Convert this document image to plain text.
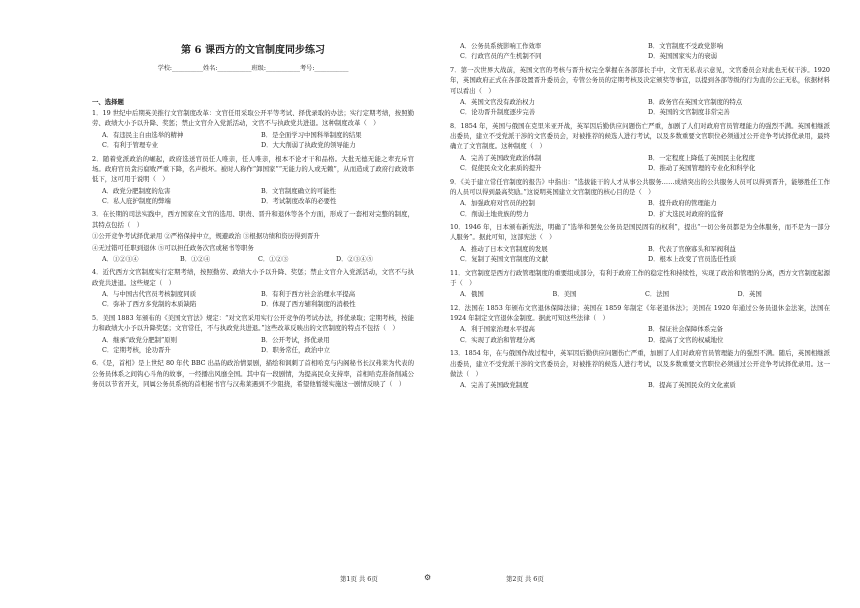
第 6 课西方的文官制度同步练习
学校:__________姓名:___________班级:___________考号:___________
一、选择题

1．19 世纪中后期英美推行文官制度改革：文官任用采取公开平等考试、择优录取的办法；实行定期考绩，按照勤劳、政绩大小予以升降、奖惩；禁止文官介入党派活动，文官不与执政党共进退。这种制度改革（　）

A．有违民主自由选举的精神	B．是全面学习中国科举制度的结果
C．有利于管理专业	D．大大削弱了执政党的领导能力

2．随着党派政治的崛起，政府选送官员任人唯亲，任人唯亲，根本不论才干和品格。大批无德无能之辈充斥官场。政府官员贪污腐败严重下降，名声极坏。被时人称作“卸国家”“无能力的人或无赖”，从而造成了政府行政效率低下，这可用于说明（　）

A．政党分肥制度的危害	B．文官制度确立的可能性
C．私人庇护制度的弊端	D．考试制度改革的必要性

3．在长期的司法实践中，西方国家在文官的选用、职责、晋升和退休等各个方面，形成了一套相对完整的制度，其特点包括（　）

①公开竞争考试择优录用 ②严格保持中立，规避政治 ③根据功绩和资历得到晋升
④无过错可任职到退休 ⑤可以担任政务次官或秘书等职务
A．①②③④	B．①②④	C．①②③	D．②③④⑤

4．近代西方文官制度实行定期考绩，按照勤劳、政绩大小予以升降、奖惩；禁止文官介入党派活动，文官不与执政党共进退。这些规定（　）

A．与中国古代官员考核制度同质	B．有利于西方社会治理水平提高
C．弥补了西方多党制的本质缺陷	D．体现了西方辅利制度的消极性

5．美国 1883 年颁布的《美国文官法》规定：“对文官采用实行公开竞争的考试办法，择优录取；定期考核，按能力和政绩大小予以升降奖惩；文官常任，不与执政党共进退。”这些改革反映出的文官制度的特点不包括（　）

A．继承“政党分肥制”原则	B．公开考试，择优录用
C．定期考核，论功晋升	D．职务常任，政治中立

6．《是，首相》是上世纪 80 年代 BBC 出品的政治情景剧，描绘和讽刺了首相哈克与内阁秘书长汉弗莱为代表的公务员体系之间钩心斗角的故事，一经播出风靡全国。其中有一段剧情，为提高民众支持率，首相哈克准备削减公务员以节省开支，同属公务员系统的首相秘书官与汉弗莱遇到不少阻挠，希望他暂缓实施这一剧情反映了（　）

第1页 共 6页	⚙	第2页 共 6页
A．公务员系统影响工作效率	B．文官制度不受政党影响
C．行政官员的产生机制不同	D．英国国家实力的衰弱

7．第一次世界大战前，英国文官的考核与晋升权完全掌握在各部部长手中，文官无私表示意见，文官委员会对此也无权干涉。1920 年，英国政府正式在各部设置晋升委员会，专管公务员的定期考核及决定颁奖等事宜，以提到各部等级的行为直的公正无私，依据材料可以看出（　）

A．英国文官没有政治权力	B．政务官在英国文官制度的特点
C．论功晋升制度逐步完善	D．英国的文官制度非常完善

8．1854 年，英国与俄国在克里米亚开战，英军因后勤供应问题伤亡严重，加剧了人们对政府官员管理能力的强烈不满。英国相继派出委员，建立不受党派干涉的文官委员会，对被推荐的候选人进行考试，以及多数重要文官职位必须通过公开竞争考试择优录用，最终确立了文官制度。这种制度（　）

A．完善了英国政党政治体制	B．一定程度上降低了英国民主化程度
C．促使民众文化素质的提升	D．推动了英国管理的专业化和科学化

9．《关于建立常任官制度的报告》中指出：“选拔能干的人才从事公共服务……成绩突出的公共服务人员可以得到晋升，能够胜任工作的人员可以得到最高奖励。”这说明英国建立文官制度的核心目的是（　）

A．加强政府对官员的控制	B．提升政府的管理能力
C．削弱土地贵族的势力	D．扩大选民对政府的监督

10．1946 年，日本颁布新宪法，明确了“选举和罢免公务员是国民固有的权利”，提出“一切公务员都是为全体服务，而不是为一部分人服务”。据此可知，这部宪法（　）

A．推动了日本文官制度的发展	B．代表了官僚寡头和军阀利益
C．复制了英国文官制度的文献	D．根本上改变了官员选任性质

11．文官制度是西方行政管理制度的重要组成部分，有利于政府工作的稳定性和持续性，实现了政治和管理的分离，西方文官制度起源于（　）

A．俄国	B．美国	C．法国	D．英国

12．法国在 1853 年颁布文官退休保障法律；英国在 1859 年制定《年老退休法》；美国在 1920 年通过公务员退休金法案，法国在 1924 年制定文官退休金制度。据此可知这些法律（　）

A．利于国家治理水平提高	B．保证社会保障体系完备
C．实现了政治和管理分离	D．提高了文官的权威地位

13．1854 年，在与俄国作战过程中，英军因后勤供应问题伤亡严重，加剧了人们对政府官员管理能力的强烈不满。随后，英国相继派出委员，建立不受党派干涉的文官委员会，对被推荐的候选人进行考试，以及多数重要文官职位必须通过公开竞争考试择优录用。这一做法（　）

A．完善了英国政党制度	B．提高了英国民众的文化素质
